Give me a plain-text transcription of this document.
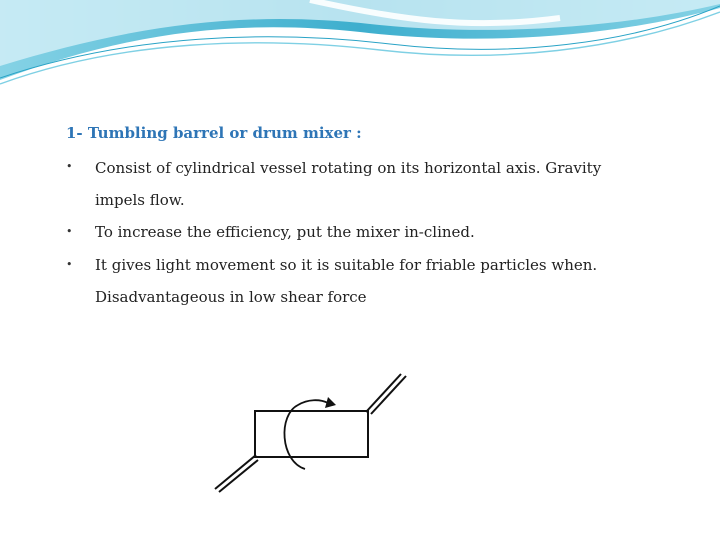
1- Tumbling barrel or drum mixer :
• Consist of cylindrical vessel rotating on its horizontal axis. Gravity impels flow.
• To increase the efficiency, put the mixer in-clined.
• It gives light movement so it is suitable for friable particles when. Disadvantageous in low shear force
